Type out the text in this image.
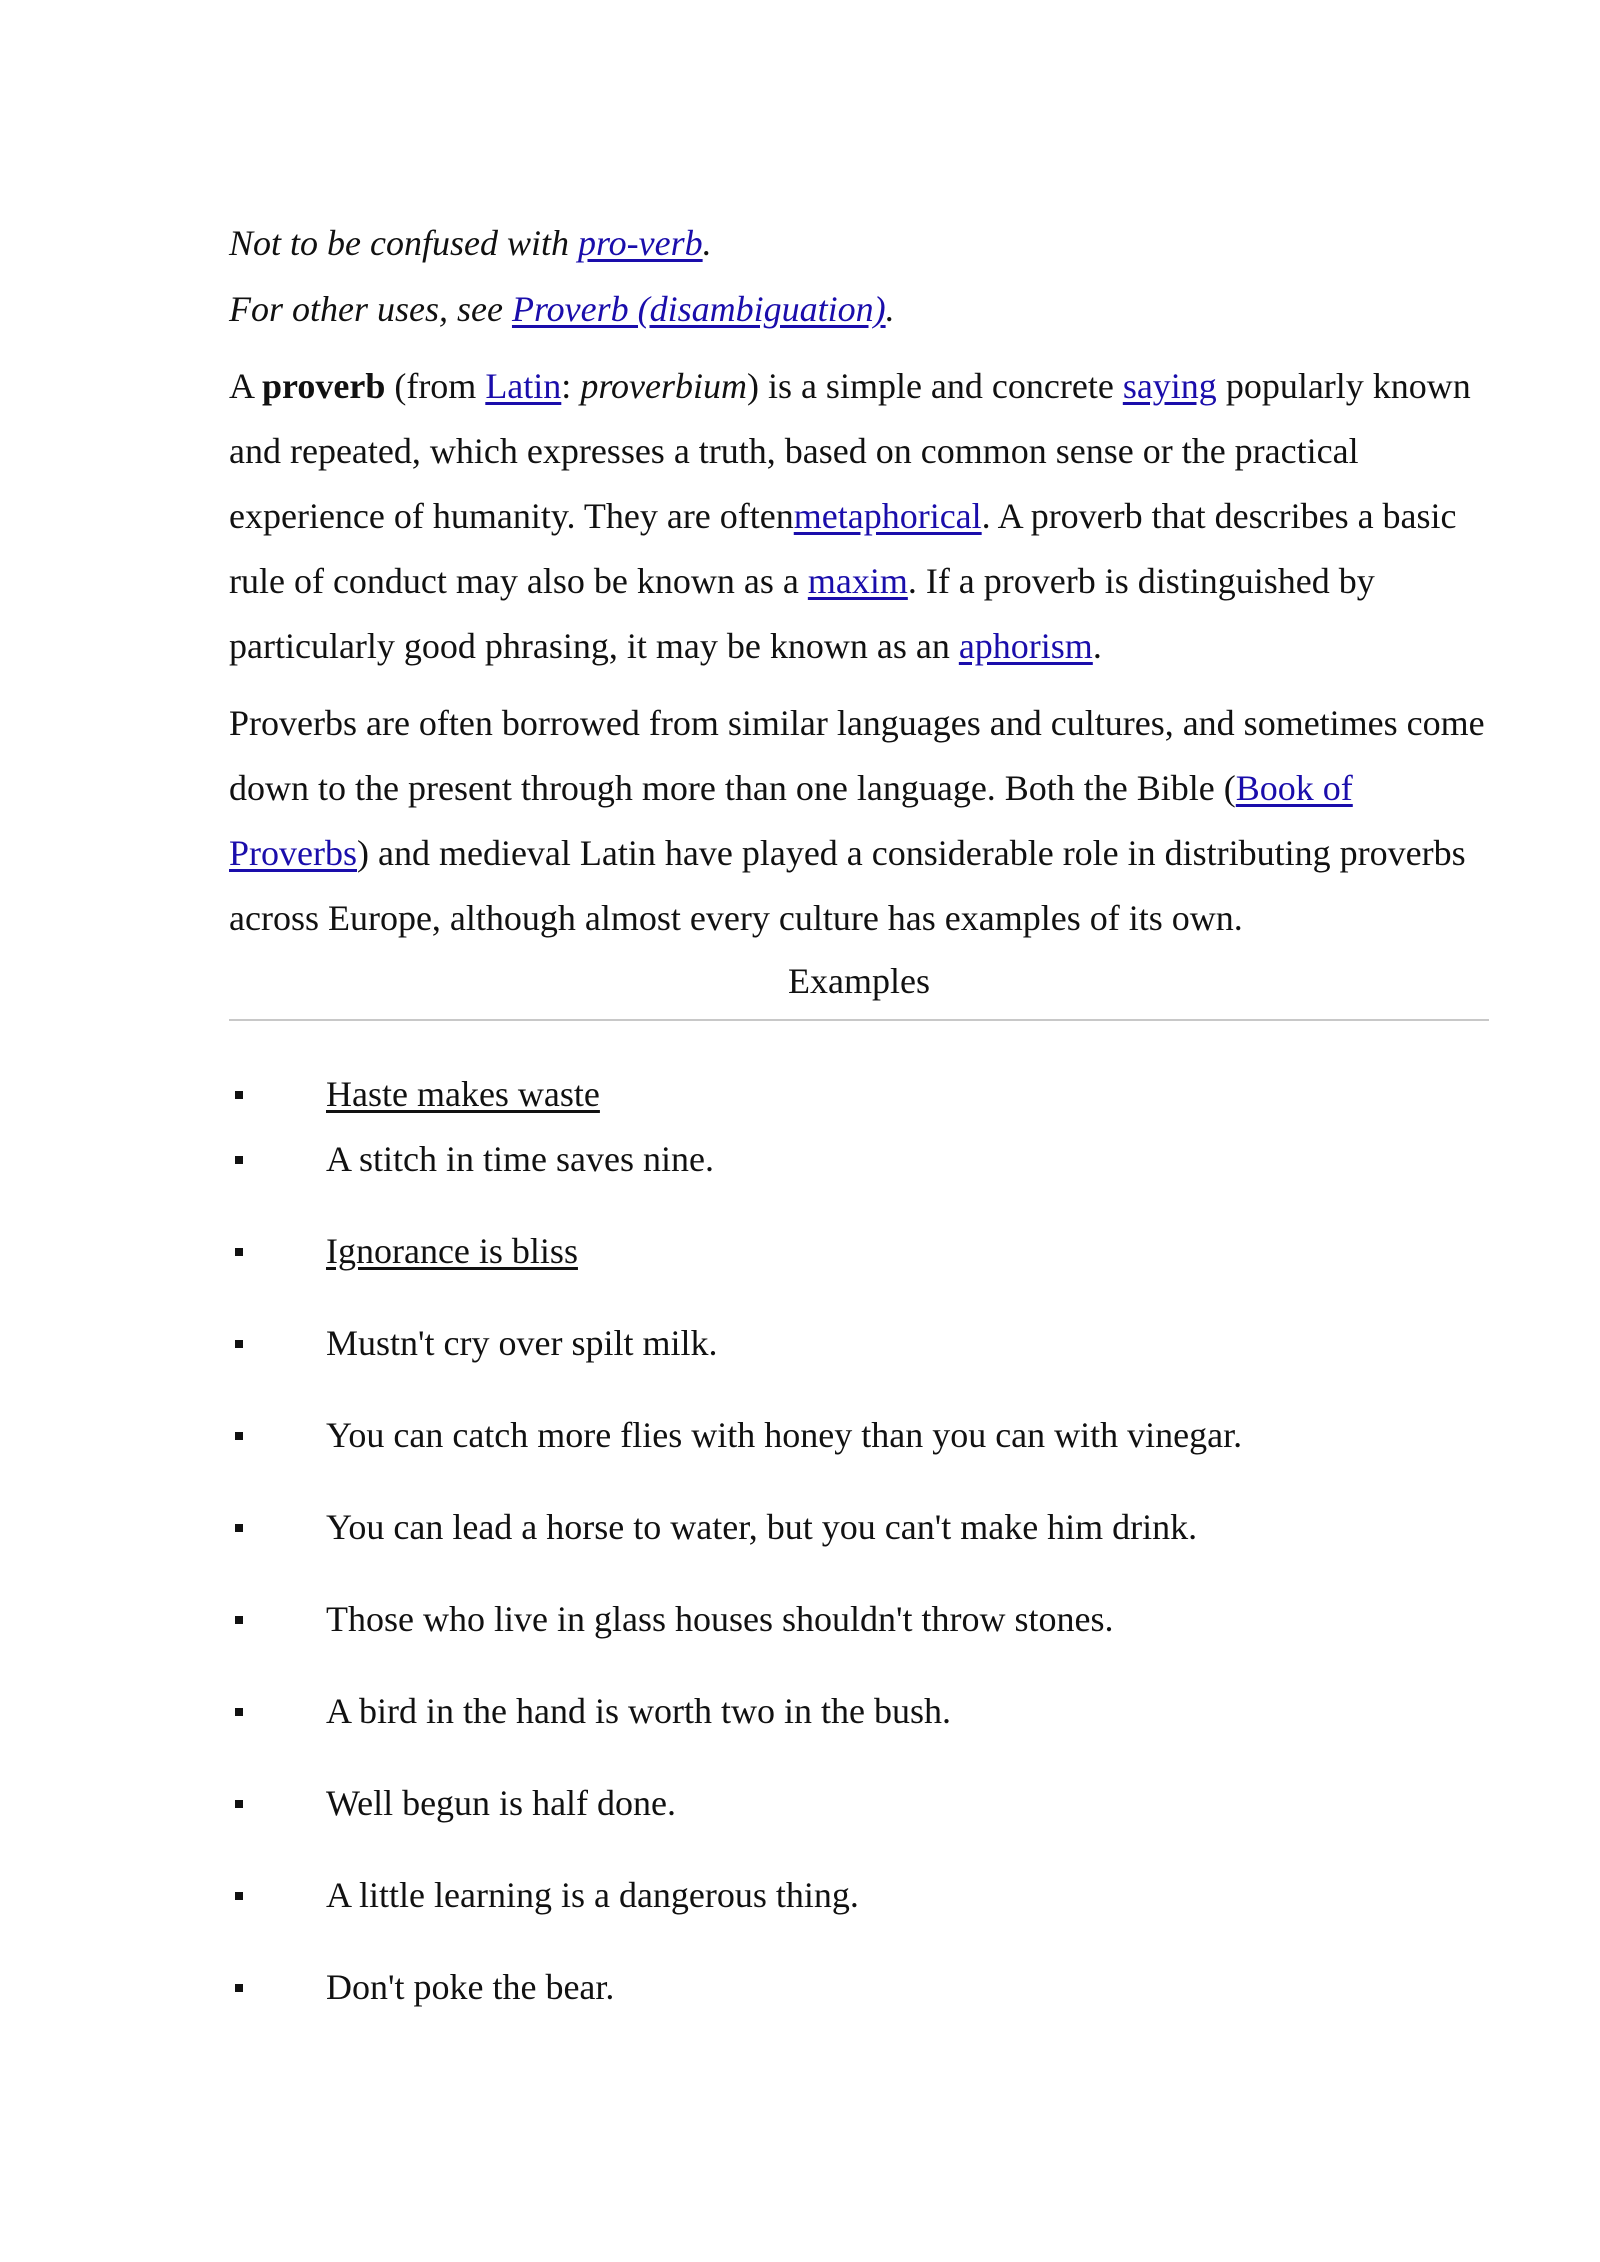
Not to be confused with pro-verb.

For other uses, see Proverb (disambiguation).

A proverb (from Latin: proverbium) is a simple and concrete saying popularly known and repeated, which expresses a truth, based on common sense or the practical experience of humanity. They are oftenmetaphorical. A proverb that describes a basic rule of conduct may also be known as a maxim. If a proverb is distinguished by particularly good phrasing, it may be known as an aphorism.

Proverbs are often borrowed from similar languages and cultures, and sometimes come down to the present through more than one language. Both the Bible (Book of Proverbs) and medieval Latin have played a considerable role in distributing proverbs across Europe, although almost every culture has examples of its own.

Examples

Haste makes waste
A stitch in time saves nine.
Ignorance is bliss
Mustn't cry over spilt milk.
You can catch more flies with honey than you can with vinegar.
You can lead a horse to water, but you can't make him drink.
Those who live in glass houses shouldn't throw stones.
A bird in the hand is worth two in the bush.
Well begun is half done.
A little learning is a dangerous thing.
Don't poke the bear.
